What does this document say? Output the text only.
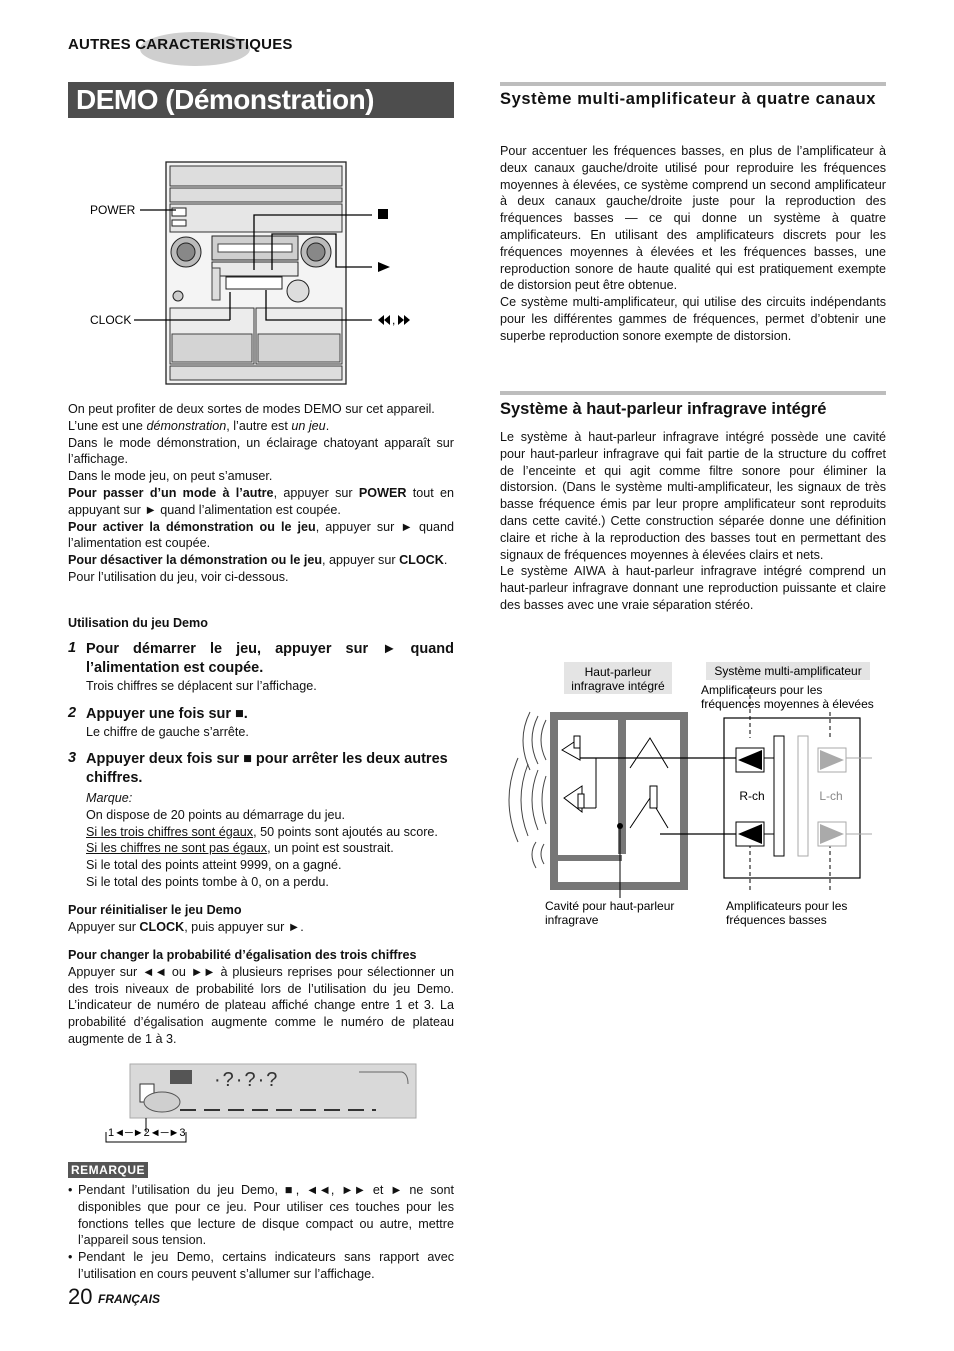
AUTRES CARACTERISTIQUES
DEMO (Démonstration)
POWER
CLOCK	,
On peut profiter de deux sortes de modes DEMO sur cet appareil.
L’une est une démonstration, l’autre est un jeu.
Dans le mode démonstration, un éclairage chatoyant apparaît sur l’affichage.
Dans le mode jeu, on peut s’amuser.
Pour passer d’un mode à l’autre, appuyer sur POWER tout en appuyant sur ► quand l’alimentation est coupée.
Pour activer la démonstration ou le jeu, appuyer sur ► quand l’alimentation est coupée.
Pour désactiver la démonstration ou le jeu, appuyer sur CLOCK.
Pour l’utilisation du jeu, voir ci-dessous.
Utilisation du jeu Demo
1 Pour démarrer le jeu, appuyer sur ► quand l’alimentation est coupée.
Trois chiffres se déplacent sur l’affichage.
2 Appuyer une fois sur ■.
Le chiffre de gauche s’arrête.
3 Appuyer deux fois sur ■ pour arrêter les deux autres chiffres.
Marque:
On dispose de 20 points au démarrage du jeu.
Si les trois chiffres sont égaux, 50 points sont ajoutés au score.
Si les chiffres ne sont pas égaux, un point est soustrait.
Si le total des points atteint 9999, on a gagné.
Si le total des points tombe à 0, on a perdu.
Pour réinitialiser le jeu Demo
Appuyer sur CLOCK, puis appuyer sur ►.
Pour changer la probabilité d’égalisation des trois chiffres
Appuyer sur ◄◄ ou ►► à plusieurs reprises pour sélectionner un des trois niveaux de probabilité lors de l’utilisation du jeu Demo. L’indicateur de numéro de plateau affiché change entre 1 et 3. La probabilité d’égalisation augmente comme le numéro de plateau augmente de 1 à 3.
·?·?·?
1◄─►2◄─►3
REMARQUE
• Pendant l’utilisation du jeu Demo, ■, ◄◄, ►► et ► ne sont disponibles que pour ce jeu. Pour utiliser ces touches pour les fonctions telles que lecture de disque compact ou autre, mettre l’appareil sous tension.
• Pendant le jeu Demo, certains indicateurs sans rapport avec l’utilisation en cours peuvent s’allumer sur l’affichage.
20 FRANÇAIS
Système multi-amplificateur à quatre canaux
Pour accentuer les fréquences basses, en plus de l’amplificateur à deux canaux gauche/droite utilisé pour reproduire les fréquences moyennes à élevées, ce système comprend un second amplificateur à deux canaux gauche/droite juste pour la reproduction des fréquences basses — ce qui donne un système à quatre amplificateurs. En utilisant des amplificateurs discrets pour les fréquences moyennes à élevées et les fréquences basses, une reproduction sonore de haute qualité qui est pratiquement exempte de distorsion peut être obtenue.
Ce système multi-amplificateur, qui utilise des circuits indépendants pour les différentes gammes de fréquences, permet d’obtenir une superbe reproduction sonore exempte de distorsion.
Système à haut-parleur infragrave intégré
Le système à haut-parleur infragrave intégré possède une cavité pour haut-parleur infragrave qui fait partie de la structure du coffret de l’enceinte et qui agit comme filtre sonore pour éliminer la distorsion. (Dans le système multi-amplificateur, les signaux de très basse fréquence émis par leur propre amplificateur sont reproduits dans cette cavité.) Cette construction séparée donne une définition claire et riche à la reproduction des basses tout en permettant des signaux de fréquences moyennes à élevées clairs et nets.
Le système AIWA à haut-parleur infragrave intégré comprend un haut-parleur infragrave donnant une reproduction puissante et claire des basses avec une vraie séparation stéréo.
Haut-parleur
infragrave intégré
Système multi-amplificateur
Amplificateurs pour les
fréquences moyennes à élevées
R-ch	L-ch
Cavité pour haut-parleur
infragrave
Amplificateurs pour les
fréquences basses
